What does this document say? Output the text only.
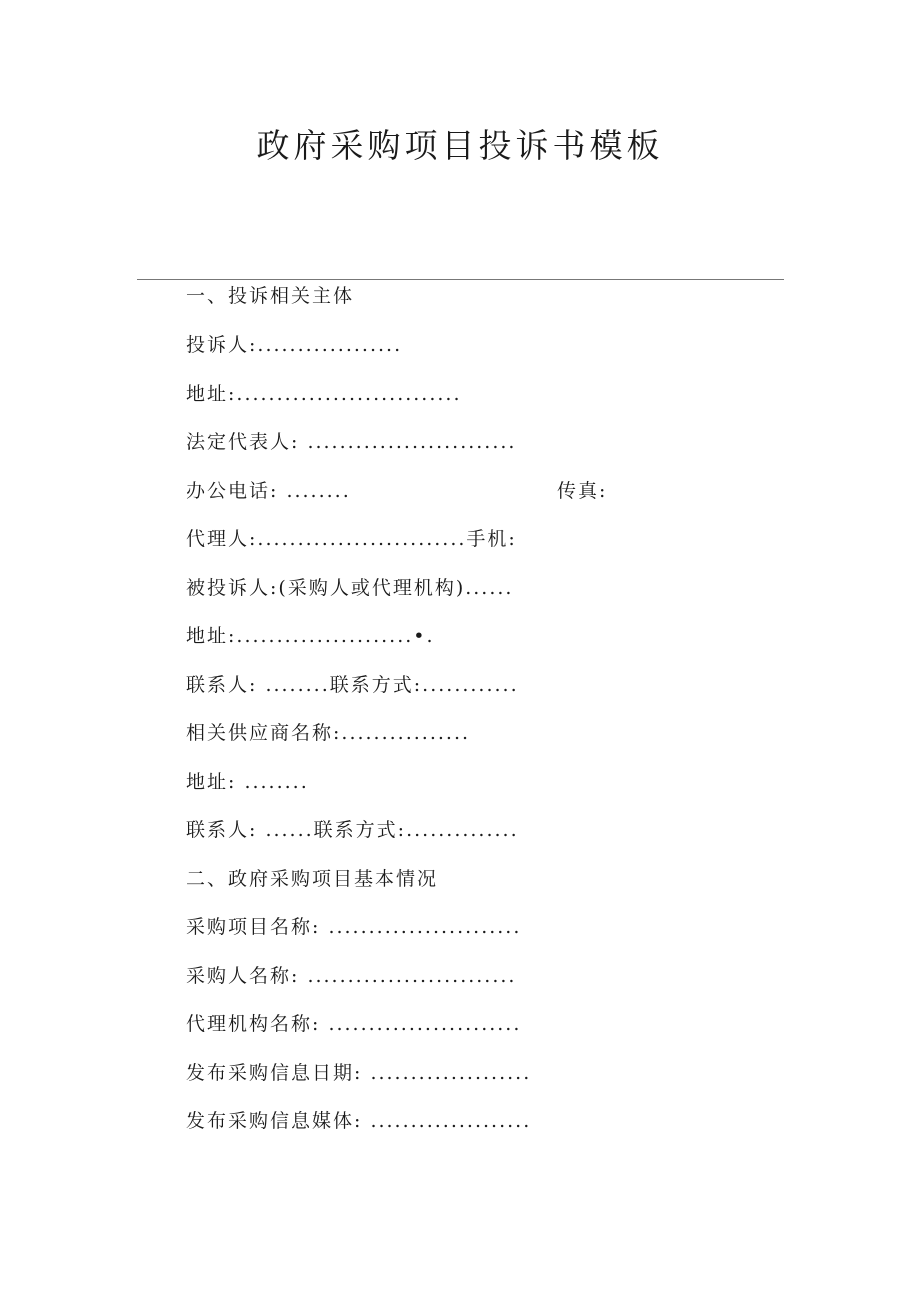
政府采购项目投诉书模板
一、投诉相关主体
投诉人:..................
地址:............................
法定代表人: ..........................
办公电话: ........	传真:
代理人:..........................手机:
被投诉人:(采购人或代理机构)......
地址:......................•.
联系人: ........联系方式:............
相关供应商名称:................
地址: ........
联系人: ......联系方式:..............
二、政府采购项目基本情况
采购项目名称: ........................
采购人名称: ..........................
代理机构名称: ........................
发布采购信息日期: ....................
发布采购信息媒体: ....................
